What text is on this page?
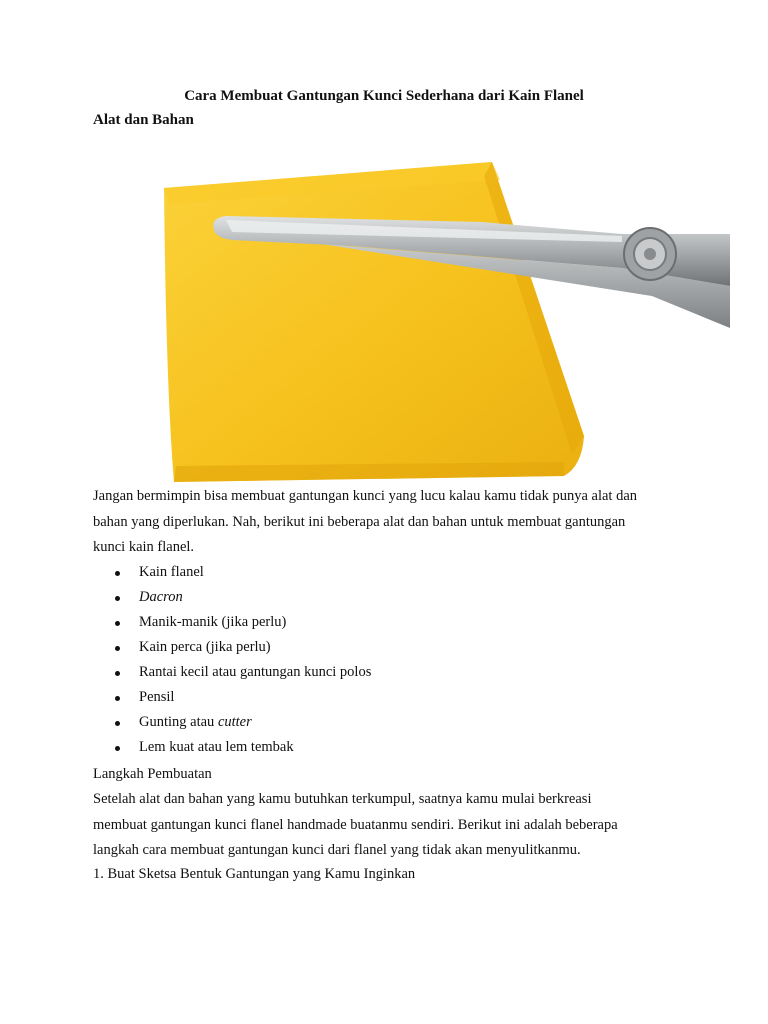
Cara Membuat Gantungan Kunci Sederhana dari Kain Flanel
Alat dan Bahan
Jangan bermimpin bisa membuat gantungan kunci yang lucu kalau kamu tidak punya alat dan
bahan yang diperlukan. Nah, berikut ini beberapa alat dan bahan untuk membuat gantungan
kunci kain flanel.
Kain flanel
Dacron
Manik-manik (jika perlu)
Kain perca (jika perlu)
Rantai kecil atau gantungan kunci polos
Pensil
Gunting atau cutter
Lem kuat atau lem tembak
Langkah Pembuatan
Setelah alat dan bahan yang kamu butuhkan terkumpul, saatnya kamu mulai berkreasi
membuat gantungan kunci flanel handmade buatanmu sendiri. Berikut ini adalah beberapa
langkah cara membuat gantungan kunci dari flanel yang tidak akan menyulitkanmu.
1. Buat Sketsa Bentuk Gantungan yang Kamu Inginkan
